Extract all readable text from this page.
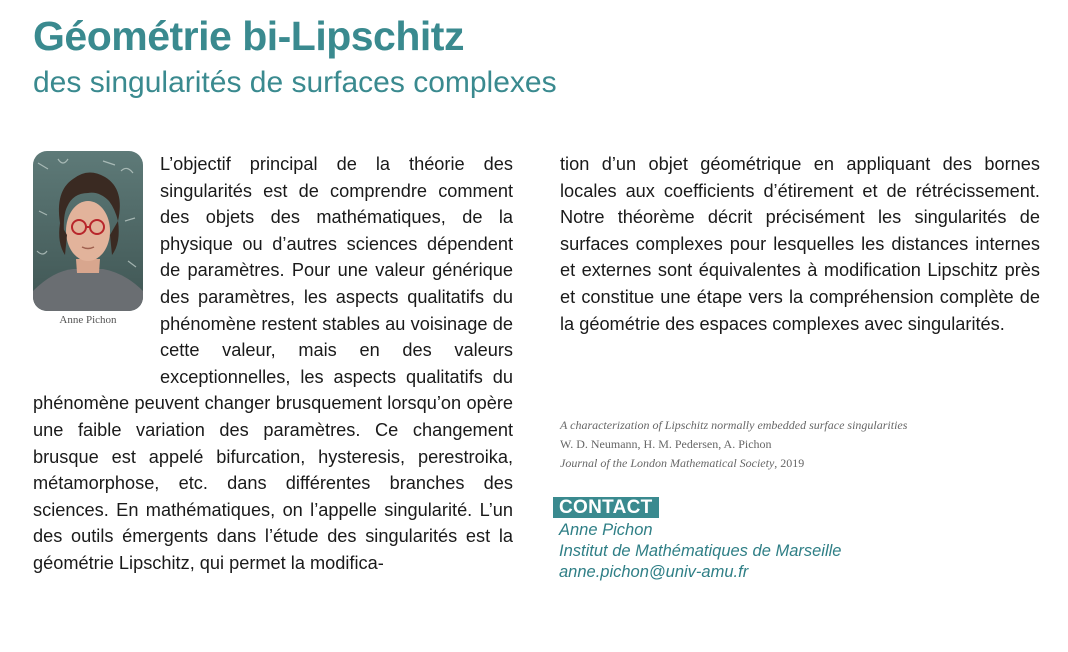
Géométrie bi-Lipschitz
des singularités de surfaces complexes
L’objectif principal de la théorie des singularités est de comprendre comment des objets des mathématiques, de la physique ou d’autres sciences dépendent de paramètres. Pour une valeur générique des paramètres, les aspects qualitatifs du phénomène restent stables au voisinage de cette valeur, mais en des valeurs exceptionnelles, les aspects qualitatifs du phénomène peuvent changer brusquement lorsqu’on opère une faible variation des paramètres. Ce changement brusque est appelé bifurcation, hysteresis, perestroika, métamorphose, etc. dans différentes branches des sciences. En mathématiques, on l’appelle singularité. L’un des outils émergents dans l’étude des singularités est la géométrie Lipschitz, qui permet la modifica-
Anne Pichon
tion d’un objet géométrique en appliquant des bornes locales aux coefficients d’étirement et de rétrécissement. Notre théorème décrit précisément les singularités de surfaces complexes pour lesquelles les distances internes et externes sont équivalentes à modification Lipschitz près et constitue une étape vers la compréhension complète de la géométrie des espaces complexes avec singularités.
A characterization of Lipschitz normally embedded surface singularities
W. D. Neumann, H. M. Pedersen, A. Pichon
Journal of the London Mathematical Society, 2019
CONTACT
Anne Pichon
Institut de Mathématiques de Marseille
anne.pichon@univ-amu.fr
